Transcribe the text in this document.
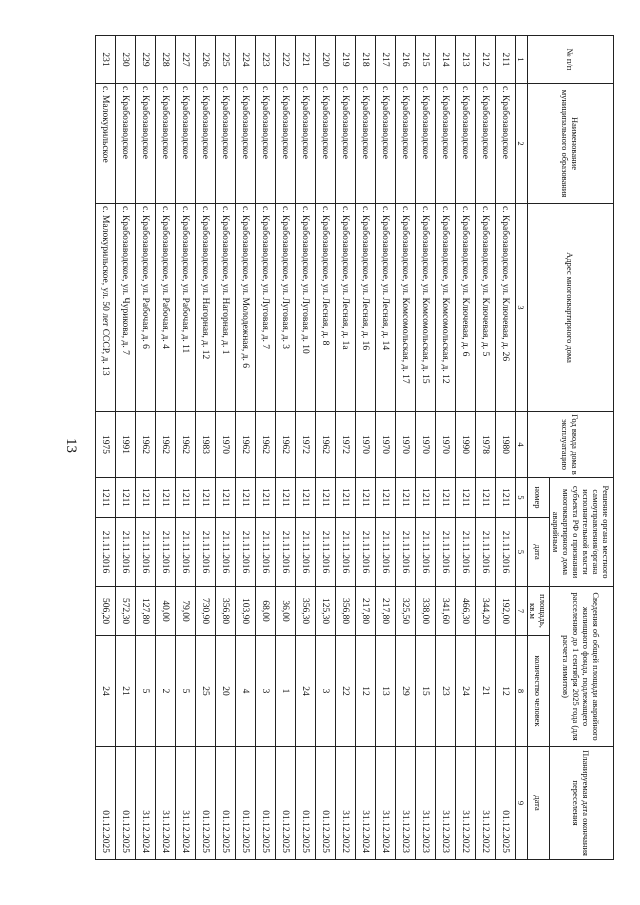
13
№ п/п	Наименование муниципального образования	Адрес многоквартирного дома	Год ввода дома в эксплуатацию	Решение органа местного самоуправления/органа исполнительной власти субъекта РФ о признании многоквартирного дома аварийным		Сведения об общей площади аварийного жилищного фонда, подлежащего расселению до 1 сентября 2025 года (для расчета лимитов)		Планируемая дата окончания переселения
				номер	дата	площадь, кв.м	количество человек	дата
1	2	3	4	5	5	7	8	9
211	с. Крабозаводское	с. Крабозаводское, ул. Ключевая, д. 26	1980	1211	21.11.2016	192,00	12	01.12.2025
212	с. Крабозаводское	с. Крабозаводское, ул. Ключевая, д. 5	1978	1211	21.11.2016	344,20	21	31.12.2022
213	с. Крабозаводское	с. Крабозаводское, ул. Ключевая, д. 6	1990	1211	21.11.2016	466,30	24	31.12.2022
214	с. Крабозаводское	с. Крабозаводское, ул. Комсомольская, д. 12	1970	1211	21.11.2016	341,60	23	31.12.2023
215	с. Крабозаводское	с. Крабозаводское, ул. Комсомольская, д. 15	1970	1211	21.11.2016	338,00	15	31.12.2023
216	с. Крабозаводское	с. Крабозаводское, ул. Комсомольская, д. 17	1970	1211	21.11.2016	325,50	29	31.12.2023
217	с. Крабозаводское	с. Крабозаводское, ул. Лесная, д. 14	1970	1211	21.11.2016	217,80	13	31.12.2024
218	с. Крабозаводское	с. Крабозаводское, ул. Лесная, д. 16	1970	1211	21.11.2016	217,80	12	31.12.2024
219	с. Крабозаводское	с. Крабозаводское, ул. Лесная, д. 1а	1972	1211	21.11.2016	356,80	22	31.12.2022
220	с. Крабозаводское	с. Крабозаводское, ул. Лесная, д. 8	1962	1211	21.11.2016	125,30	3	01.12.2025
221	с. Крабозаводское	с. Крабозаводское, ул. Луговая, д. 10	1972	1211	21.11.2016	356,30	24	01.12.2025
222	с. Крабозаводское	с. Крабозаводское, ул. Луговая, д. 3	1962	1211	21.11.2016	36,00	1	01.12.2025
223	с. Крабозаводское	с. Крабозаводское, ул. Луговая, д. 7	1962	1211	21.11.2016	68,00	3	01.12.2025
224	с. Крабозаводское	с. Крабозаводское, ул. Молодежная, д. 6	1962	1211	21.11.2016	103,90	4	01.12.2025
225	с. Крабозаводское	с. Крабозаводское, ул. Нагорная, д. 1	1970	1211	21.11.2016	356,80	20	01.12.2025
226	с. Крабозаводское	с. Крабозаводское, ул. Нагорная, д. 12	1983	1211	21.11.2016	730,90	25	01.12.2025
227	с. Крабозаводское	с. Крабозаводское, ул. Рабочая, д. 11	1962	1211	21.11.2016	79,00	5	31.12.2024
228	с. Крабозаводское	с. Крабозаводское, ул. Рабочая, д. 4	1962	1211	21.11.2016	40,00	2	31.12.2024
229	с. Крабозаводское	с. Крабозаводское, ул. Рабочая, д. 6	1962	1211	21.11.2016	127,80	5	31.12.2024
230	с. Крабозаводское	с. Крабозаводское, ул. Чурикова, д. 7	1991	1211	21.11.2016	572,30	21	01.12.2025
231	с. Малокурильское	с. Малокурильское, ул. 50 лет СССР, д. 13	1975	1211	21.11.2016	506,20	24	01.12.2025
